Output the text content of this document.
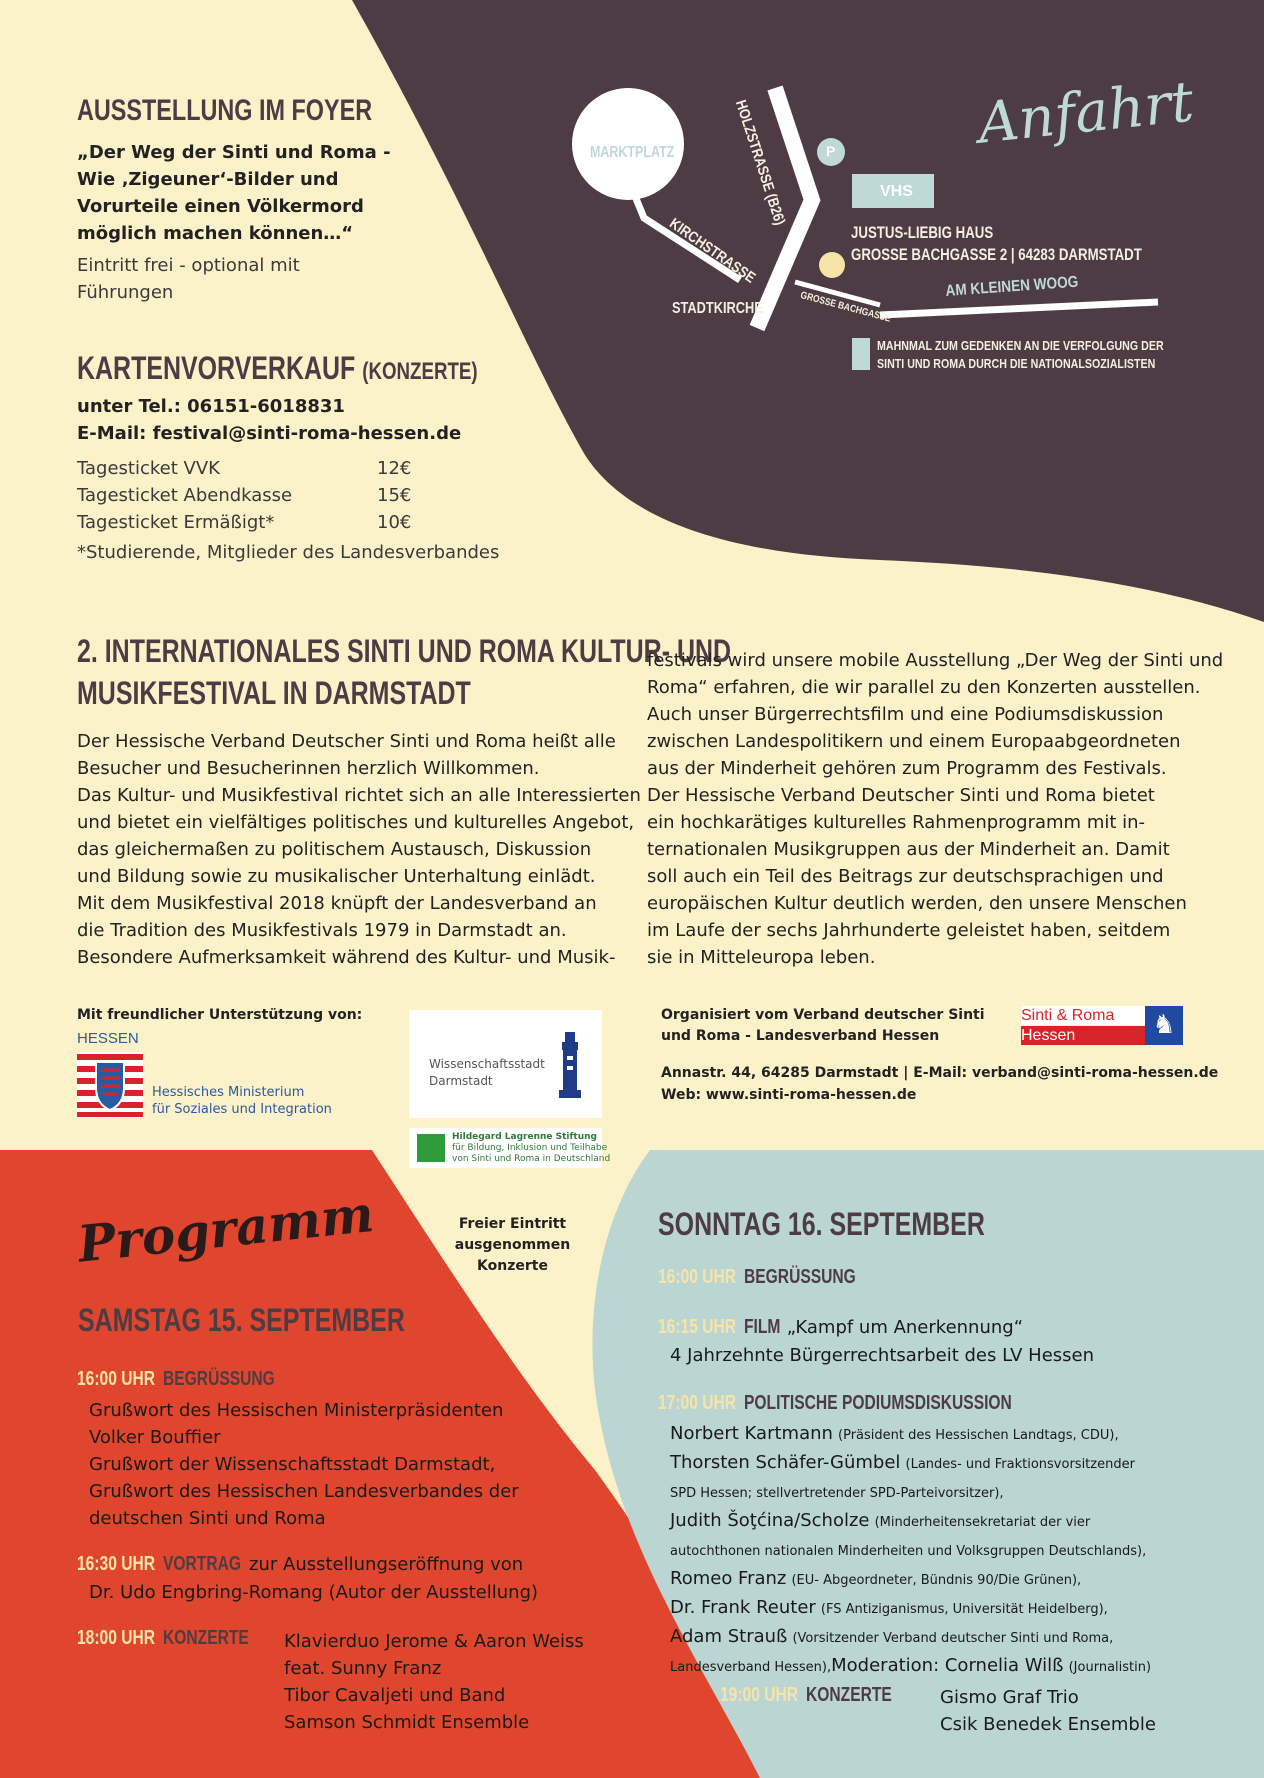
AUSSTELLUNG IM FOYER
„Der Weg der Sinti und Roma -
Wie ‚Zigeuner‘-Bilder und
Vorurteile einen Völkermord
möglich machen können…“
Eintritt frei - optional mit
Führungen
KARTENVORVERKAUF (KONZERTE)
unter Tel.: 06151-6018831
E-Mail: festival@sinti-roma-hessen.de
Tagesticket VVK	12€
Tagesticket Abendkasse	15€
Tagesticket Ermäßigt*	10€
*Studierende, Mitglieder des Landesverbandes
MARKTPLATZ	HOLZSTRASSE (B26)	P
VHS
JUSTUS-LIEBIG HAUS
GROSSE BACHGASSE 2 | 64283 DARMSTADT
Anfahrt
KIRCHSTRASSE
GROSSE BACHGASSE
AM KLEINEN WOOG
STADTKIRCHE
MAHNMAL ZUM GEDENKEN AN DIE VERFOLGUNG DER
SINTI UND ROMA DURCH DIE NATIONALSOZIALISTEN
2. INTERNATIONALES SINTI UND ROMA KULTUR- UND
MUSIKFESTIVAL IN DARMSTADT
Der Hessische Verband Deutscher Sinti und Roma heißt alle
Besucher und Besucherinnen herzlich Willkommen.
Das Kultur- und Musikfestival richtet sich an alle Interessierten
und bietet ein vielfältiges politisches und kulturelles Angebot,
das gleichermaßen zu politischem Austausch, Diskussion
und Bildung sowie zu musikalischer Unterhaltung einlädt.
Mit dem Musikfestival 2018 knüpft der Landesverband an
die Tradition des Musikfestivals 1979 in Darmstadt an.
Besondere Aufmerksamkeit während des Kultur- und Musik-
festivals wird unsere mobile Ausstellung „Der Weg der Sinti und
Roma“ erfahren, die wir parallel zu den Konzerten ausstellen.
Auch unser Bürgerrechtsfilm und eine Podiumsdiskussion
zwischen Landespolitikern und einem Europaabgeordneten
aus der Minderheit gehören zum Programm des Festivals.
Der Hessische Verband Deutscher Sinti und Roma bietet
ein hochkarätiges kulturelles Rahmenprogramm mit in-
ternationalen Musikgruppen aus der Minderheit an. Damit
soll auch ein Teil des Beitrags zur deutschsprachigen und
europäischen Kultur deutlich werden, den unsere Menschen
im Laufe der sechs Jahrhunderte geleistet haben, seitdem
sie in Mitteleuropa leben.
Mit freundlicher Unterstützung von:
HESSEN
Hessisches Ministerium
für Soziales und Integration
Wissenschaftsstadt
Darmstadt
Hildegard Lagrenne Stiftung
für Bildung, Inklusion und Teilhabe
von Sinti und Roma in Deutschland
Organisiert vom Verband deutscher Sinti
und Roma - Landesverband Hessen
Sinti & Roma
Hessen	♞
Annastr. 44, 64285 Darmstadt | E-Mail: verband@sinti-roma-hessen.de
Web: www.sinti-roma-hessen.de
Programm	Freier Eintritt
ausgenommen
Konzerte
SAMSTAG 15. SEPTEMBER
16:00 UHR BEGRÜSSUNG
Grußwort des Hessischen Ministerpräsidenten
Volker Bouffier
Grußwort der Wissenschaftsstadt Darmstadt,
Grußwort des Hessischen Landesverbandes der
deutschen Sinti und Roma
16:30 UHR VORTRAG zur Ausstellungseröffnung von
Dr. Udo Engbring-Romang (Autor der Ausstellung)
18:00 UHR KONZERTE	Klavierduo Jerome & Aaron Weiss
feat. Sunny Franz
Tibor Cavaljeti und Band
Samson Schmidt Ensemble
SONNTAG 16. SEPTEMBER
16:00 UHR BEGRÜSSUNG
16:15 UHR FILM „Kampf um Anerkennung“
4 Jahrzehnte Bürgerrechtsarbeit des LV Hessen
17:00 UHR POLITISCHE PODIUMSDISKUSSION
Norbert Kartmann (Präsident des Hessischen Landtags, CDU),
Thorsten Schäfer-Gümbel (Landes- und Fraktionsvorsitzender
SPD Hessen; stellvertretender SPD-Parteivorsitzer),
Judith Šoţćina/Scholze (Minderheitensekretariat der vier
autochthonen nationalen Minderheiten und Volksgruppen Deutschlands),
Romeo Franz (EU- Abgeordneter, Bündnis 90/Die Grünen),
Dr. Frank Reuter (FS Antiziganismus, Universität Heidelberg),
Adam Strauß (Vorsitzender Verband deutscher Sinti und Roma,
Landesverband Hessen),Moderation: Cornelia Wilß (Journalistin)
19:00 UHR KONZERTE	Gismo Graf Trio
Csik Benedek Ensemble
